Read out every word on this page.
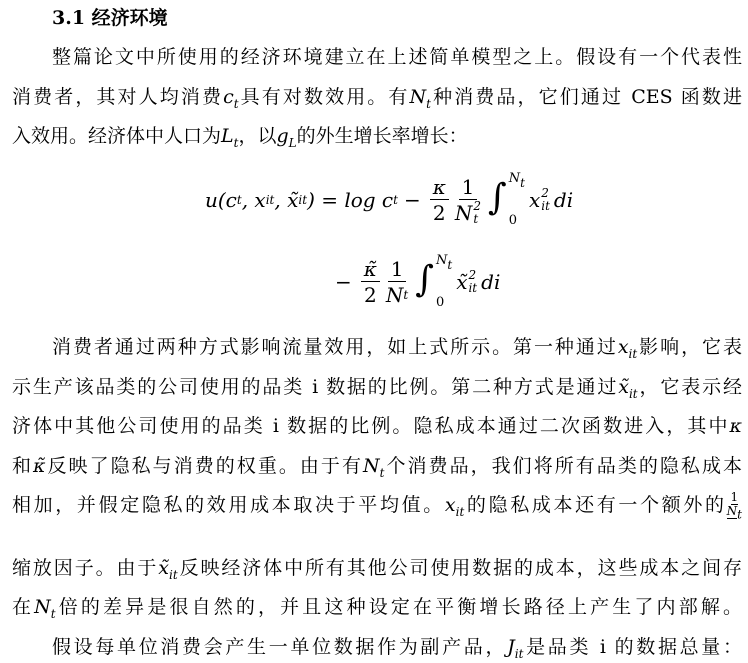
3.1 经济环境
整篇论文中所使用的经济环境建立在上述简单模型之上。假设有一个代表性
消费者，其对人均消费$c_t$具有对数效用。有$N_t$种消费品，它们通过 CES 函数进
入效用。经济体中人口为$L_t$，以$g_L$的外生增长率增长：
u(c t , x it , x̃ it ) = log c $t - \frac{\kappa}{2} 1$
N 2
t ∫ $N_t$
0
x 2
it di
− $\frac{\kappã}{2} \frac{1}{\text{N t}}$ ∫ $N_t$
0
x̃ 2
it di
消费者通过两种方式影响流量效用，如上式所示。第一种通过$x_{it}$影响，它表
示生产该品类的公司使用的品类 i 数据的比例。第二种方式是通过$x̃_{it}$，它表示经
济体中其他公司使用的品类 i 数据的比例。隐私成本通过二次函数进入，其中κ
和κ̃反映了隐私与消费的权重。由于有$N_t$个消费品，我们将所有品类的隐私成本
相加，并假定隐私的效用成本取决于平均值。$x_{it}$的隐私成本还有一个额外的 $\frac{1}{N_t}$
缩放因子。由于$x̃_{it}$反映经济体中所有其他公司使用数据的成本，这些成本之间存
在$N_t$倍的差异是很自然的，并且这种设定在平衡增长路径上产生了内部解。
假设每单位消费会产生一单位数据作为副产品，$J_{it}$是品类 i 的数据总量：
